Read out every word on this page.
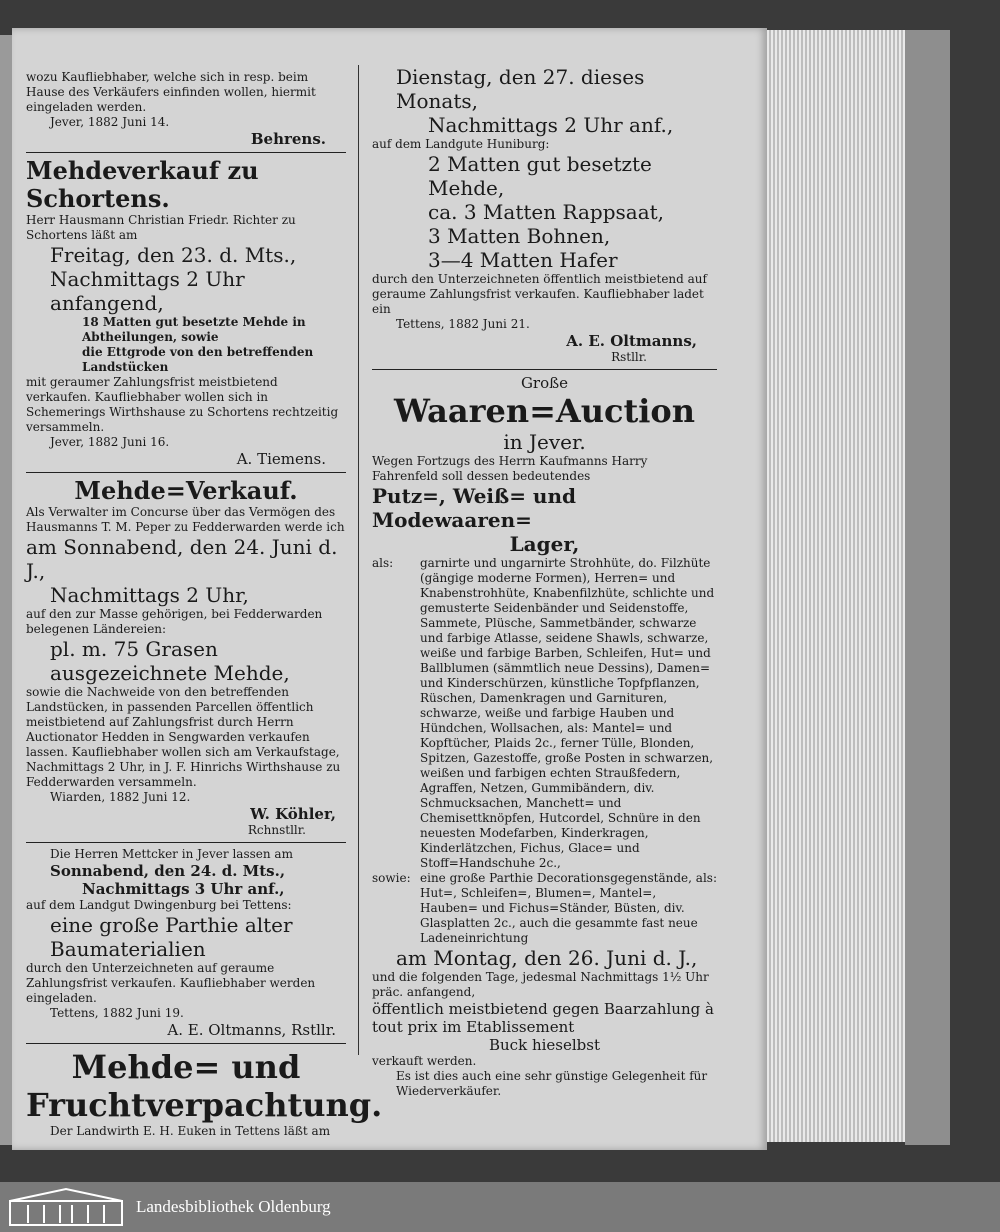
wozu Kaufliebhaber, welche sich in resp. beim Hause des Verkäufers einfinden wollen, hiermit eingeladen werden.

Jever, 1882 Juni 14.

Behrens.

Mehdeverkauf zu Schortens.

Herr Hausmann Christian Friedr. Richter zu Schortens läßt am

Freitag, den 23. d. Mts.,

Nachmittags 2 Uhr anfangend,

18 Matten gut besetzte Mehde in Abtheilungen, sowie

die Ettgrode von den betreffenden Landstücken

mit geraumer Zahlungsfrist meistbietend verkaufen. Kaufliebhaber wollen sich in Schemerings Wirthshause zu Schortens rechtzeitig versammeln.

Jever, 1882 Juni 16.

A. Tiemens.

Mehde=Verkauf.

Als Verwalter im Concurse über das Vermögen des Hausmanns T. M. Peper zu Fedderwarden werde ich

am Sonnabend, den 24. Juni d. J.,

Nachmittags 2 Uhr,

auf den zur Masse gehörigen, bei Fedderwarden belegenen Ländereien:

pl. m. 75 Grasen ausgezeichnete Mehde,

sowie die Nachweide von den betreffenden Landstücken, in passenden Parcellen öffentlich meistbietend auf Zahlungsfrist durch Herrn Auctionator Hedden in Sengwarden verkaufen lassen. Kaufliebhaber wollen sich am Verkaufstage, Nachmittags 2 Uhr, in J. F. Hinrichs Wirthshause zu Fedderwarden versammeln.

Wiarden, 1882 Juni 12.

W. Köhler,

Rchnstllr.

Die Herren Mettcker in Jever lassen am

Sonnabend, den 24. d. Mts.,

Nachmittags 3 Uhr anf.,

auf dem Landgut Dwingenburg bei Tettens:

eine große Parthie alter Baumaterialien

durch den Unterzeichneten auf geraume Zahlungsfrist verkaufen. Kaufliebhaber werden eingeladen.

Tettens, 1882 Juni 19.

A. E. Oltmanns, Rstllr.

Mehde= und

Fruchtverpachtung.

Der Landwirth E. H. Euken in Tettens läßt am

Dienstag, den 27. dieses Monats,

Nachmittags 2 Uhr anf.,

auf dem Landgute Huniburg:

2 Matten gut besetzte Mehde,

ca. 3 Matten Rappsaat,

3 Matten Bohnen,

3—4 Matten Hafer

durch den Unterzeichneten öffentlich meistbietend auf geraume Zahlungsfrist verkaufen. Kaufliebhaber ladet ein

Tettens, 1882 Juni 21.

A. E. Oltmanns,

Rstllr.

Große

Waaren=Auction

in Jever.

Wegen Fortzugs des Herrn Kaufmanns Harry Fahrenfeld soll dessen bedeutendes

Putz=, Weiß= und Modewaaren=

Lager,

als:	garnirte und ungarnirte Strohhüte, do. Filzhüte (gängige moderne Formen), Herren= und Knabenstrohhüte, Knabenfilzhüte, schlichte und gemusterte Seidenbänder und Seidenstoffe, Sammete, Plüsche, Sammetbänder, schwarze und farbige Atlasse, seidene Shawls, schwarze, weiße und farbige Barben, Schleifen, Hut= und Ballblumen (sämmtlich neue Dessins), Damen= und Kinderschürzen, künstliche Topfpflanzen, Rüschen, Damenkragen und Garnituren, schwarze, weiße und farbige Hauben und Hündchen, Wollsachen, als: Mantel= und Kopftücher, Plaids 2c., ferner Tülle, Blonden, Spitzen, Gazestoffe, große Posten in schwarzen, weißen und farbigen echten Straußfedern, Agraffen, Netzen, Gummibändern, div. Schmucksachen, Manchett= und Chemisettknöpfen, Hutcordel, Schnüre in den neuesten Modefarben, Kinderkragen, Kinderlätzchen, Fichus, Glace= und Stoff=Handschuhe 2c.,
sowie: eine große Parthie Decorationsgegenstände, als: Hut=, Schleifen=, Blumen=, Mantel=, Hauben= und Fichus=Ständer, Büsten, div. Glasplatten 2c., auch die gesammte fast neue Ladeneinrichtung

am Montag, den 26. Juni d. J.,

und die folgenden Tage, jedesmal Nachmittags 1½ Uhr präc. anfangend,

öffentlich meistbietend gegen Baarzahlung à tout prix im Etablissement

Buck hieselbst

verkauft werden.

Es ist dies auch eine sehr günstige Gelegenheit für Wiederverkäufer.

Landesbibliothek Oldenburg
